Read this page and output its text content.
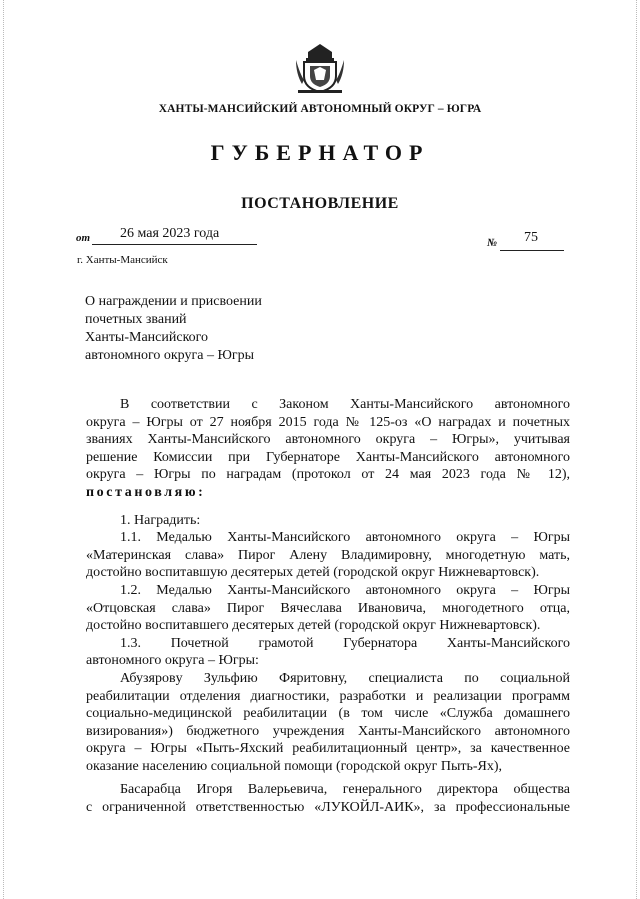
ХАНТЫ-МАНСИЙСКИЙ АВТОНОМНЫЙ ОКРУГ – ЮГРА
ГУБЕРНАТОР
ПОСТАНОВЛЕНИЕ
от 26 мая 2023 года
№ 75
г. Ханты-Мансийск
О награждении и присвоении
почетных званий
Ханты-Мансийского
автономного округа – Югры
В соответствии с Законом Ханты-Мансийского автономного
округа – Югры от 27 ноября 2015 года № 125-оз «О наградах и почетных
званиях Ханты-Мансийского автономного округа – Югры», учитывая
решение Комиссии при Губернаторе Ханты-Мансийского автономного
округа – Югры по наградам (протокол от 24 мая 2023 года № 12),
постановляю:
1. Наградить:
1.1. Медалью Ханты-Мансийского автономного округа – Югры
«Материнская слава» Пирог Алену Владимировну, многодетную мать,
достойно воспитавшую десятерых детей (городской округ Нижневартовск).
1.2. Медалью Ханты-Мансийского автономного округа – Югры
«Отцовская слава» Пирог Вячеслава Ивановича, многодетного отца,
достойно воспитавшего десятерых детей (городской округ Нижневартовск).
1.3. Почетной грамотой Губернатора Ханты-Мансийского
автономного округа – Югры:
Абузяровy Зульфию Фяритовну, специалиста по социальной
реабилитации отделения диагностики, разработки и реализации программ
социально-медицинской реабилитации (в том числе «Служба домашнего
визирования») бюджетного учреждения Ханты-Мансийского автономного
округа – Югры «Пыть-Яхский реабилитационный центр», за качественное
оказание населению социальной помощи (городской округ Пыть-Ях),
Басарабца Игоря Валерьевича, генерального директора общества
с ограниченной ответственностью «ЛУКОЙЛ-АИК», за профессиональные
